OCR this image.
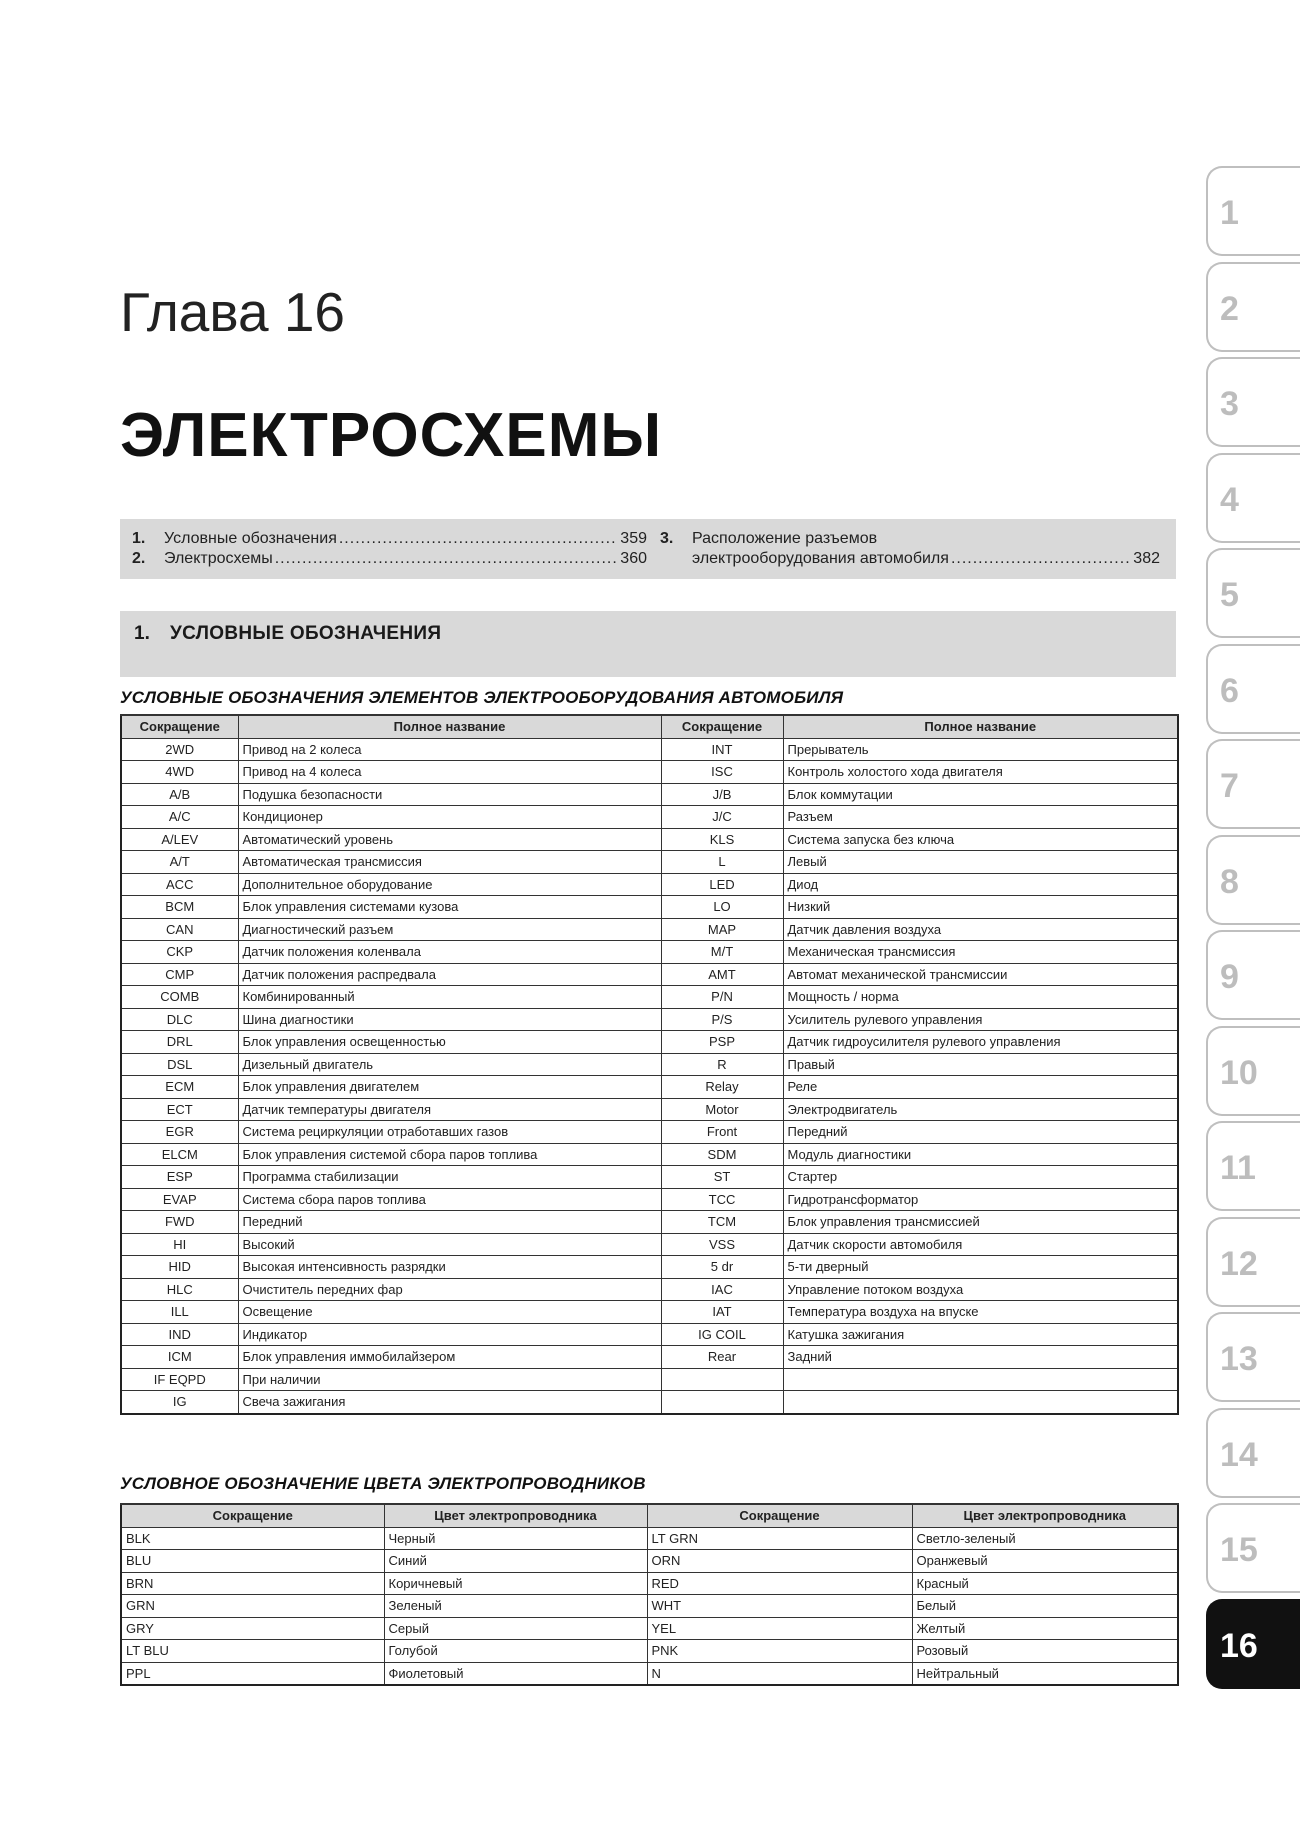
Глава 16
ЭЛЕКТРОСХЕМЫ
1.	Условные обозначения .....	359
2.	Электросхемы .....	360
3.	Расположение разъемов
электрооборудования автомобиля .....	382
1. УСЛОВНЫЕ ОБОЗНАЧЕНИЯ
УСЛОВНЫЕ ОБОЗНАЧЕНИЯ ЭЛЕМЕНТОВ ЭЛЕКТРООБОРУДОВАНИЯ АВТОМОБИЛЯ
Сокращение	Полное название	Сокращение	Полное название
2WD	Привод на 2 колеса	INT	Прерыватель
4WD	Привод на 4 колеса	ISC	Контроль холостого хода двигателя
A/B	Подушка безопасности	J/B	Блок коммутации
A/C	Кондиционер	J/C	Разъем
A/LEV	Автоматический уровень	KLS	Система запуска без ключа
A/T	Автоматическая трансмиссия	L	Левый
ACC	Дополнительное оборудование	LED	Диод
BCM	Блок управления системами кузова	LO	Низкий
CAN	Диагностический разъем	MAP	Датчик давления воздуха
CKP	Датчик положения коленвала	M/T	Механическая трансмиссия
CMP	Датчик положения распредвала	AMT	Автомат механической трансмиссии
COMB	Комбинированный	P/N	Мощность / норма
DLC	Шина диагностики	P/S	Усилитель рулевого управления
DRL	Блок управления освещенностью	PSP	Датчик гидроусилителя рулевого управления
DSL	Дизельный двигатель	R	Правый
ECM	Блок управления двигателем	Relay	Реле
ECT	Датчик температуры двигателя	Motor	Электродвигатель
EGR	Система рециркуляции отработавших газов	Front	Передний
ELCM	Блок управления системой сбора паров топлива	SDM	Модуль диагностики
ESP	Программа стабилизации	ST	Стартер
EVAP	Система сбора паров топлива	TCC	Гидротрансформатор
FWD	Передний	TCM	Блок управления трансмиссией
HI	Высокий	VSS	Датчик скорости автомобиля
HID	Высокая интенсивность разрядки	5 dr	5-ти дверный
HLC	Очиститель передних фар	IAC	Управление потоком воздуха
ILL	Освещение	IAT	Температура воздуха на впуске
IND	Индикатор	IG COIL	Катушка зажигания
ICM	Блок управления иммобилайзером	Rear	Задний
IF EQPD	При наличии		
IG	Свеча зажигания		
УСЛОВНОЕ ОБОЗНАЧЕНИЕ ЦВЕТА ЭЛЕКТРОПРОВОДНИКОВ
Сокращение	Цвет электропроводника	Сокращение	Цвет электропроводника
BLK	Черный	LT GRN	Светло-зеленый
BLU	Синий	ORN	Оранжевый
BRN	Коричневый	RED	Красный
GRN	Зеленый	WHT	Белый
GRY	Серый	YEL	Желтый
LT BLU	Голубой	PNK	Розовый
PPL	Фиолетовый	N	Нейтральный
1
2
3
4
5
6
7
8
9
10
11
12
13
14
15
16
